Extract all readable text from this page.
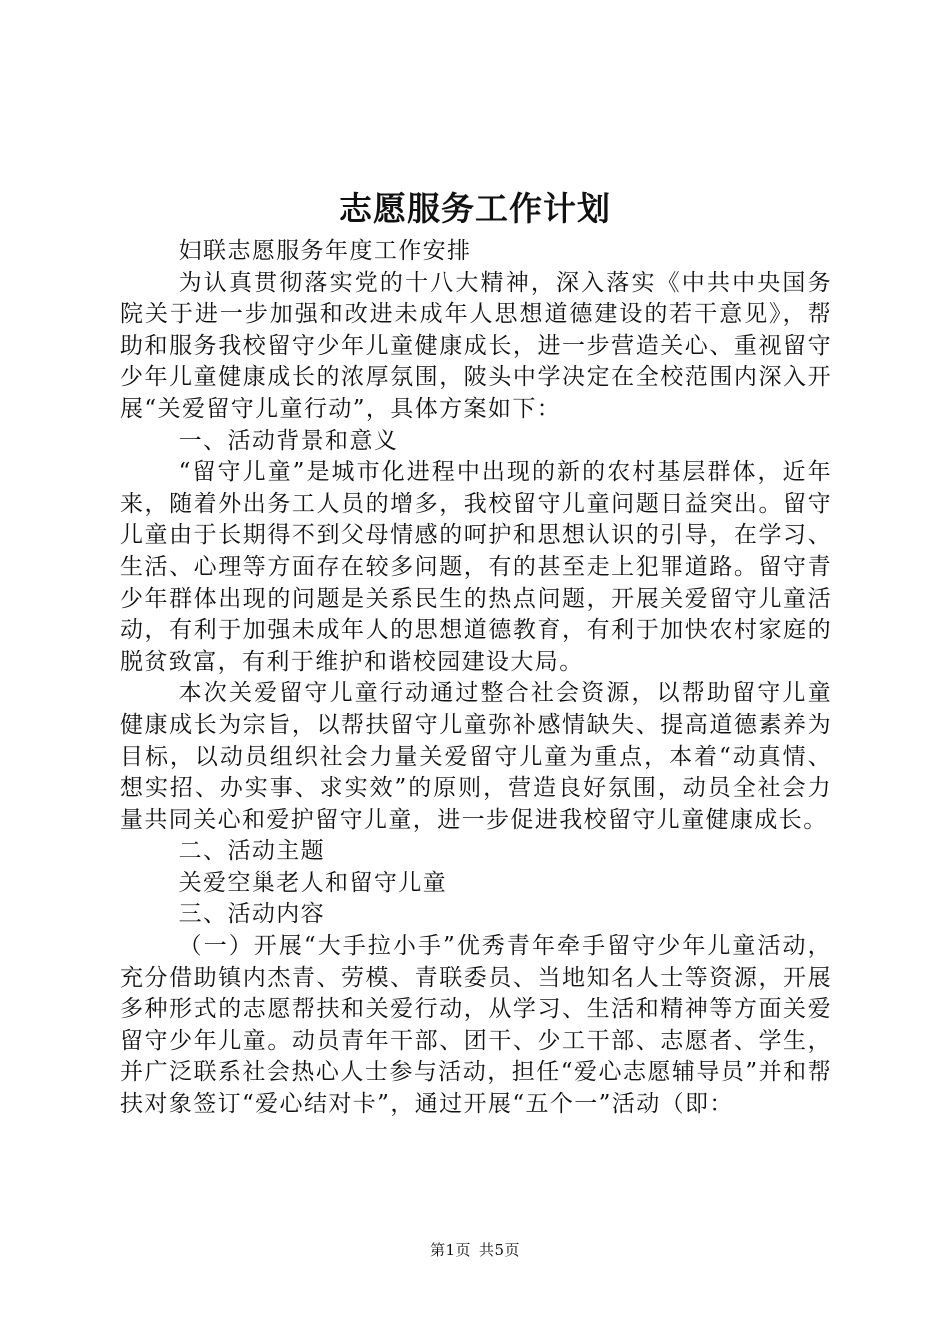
志愿服务工作计划

妇联志愿服务年度工作安排

为认真贯彻落实党的十八大精神，深入落实《中共中央国务院关于进一步加强和改进未成年人思想道德建设的若干意见》，帮助和服务我校留守少年儿童健康成长，进一步营造关心、重视留守少年儿童健康成长的浓厚氛围，陂头中学决定在全校范围内深入开展“关爱留守儿童行动”，具体方案如下：

一、活动背景和意义

“留守儿童”是城市化进程中出现的新的农村基层群体，近年来，随着外出务工人员的增多，我校留守儿童问题日益突出。留守儿童由于长期得不到父母情感的呵护和思想认识的引导，在学习、生活、心理等方面存在较多问题，有的甚至走上犯罪道路。留守青少年群体出现的问题是关系民生的热点问题，开展关爱留守儿童活动，有利于加强未成年人的思想道德教育，有利于加快农村家庭的脱贫致富，有利于维护和谐校园建设大局。

本次关爱留守儿童行动通过整合社会资源，以帮助留守儿童健康成长为宗旨，以帮扶留守儿童弥补感情缺失、提高道德素养为目标，以动员组织社会力量关爱留守儿童为重点，本着“动真情、想实招、办实事、求实效”的原则，营造良好氛围，动员全社会力量共同关心和爱护留守儿童，进一步促进我校留守儿童健康成长。

二、活动主题

关爱空巢老人和留守儿童

三、活动内容

（一）开展“大手拉小手”优秀青年牵手留守少年儿童活动，充分借助镇内杰青、劳模、青联委员、当地知名人士等资源，开展多种形式的志愿帮扶和关爱行动，从学习、生活和精神等方面关爱留守少年儿童。动员青年干部、团干、少工干部、志愿者、学生，并广泛联系社会热心人士参与活动，担任“爱心志愿辅导员”并和帮扶对象签订“爱心结对卡”，通过开展“五个一”活动（即：

第1页 共5页
